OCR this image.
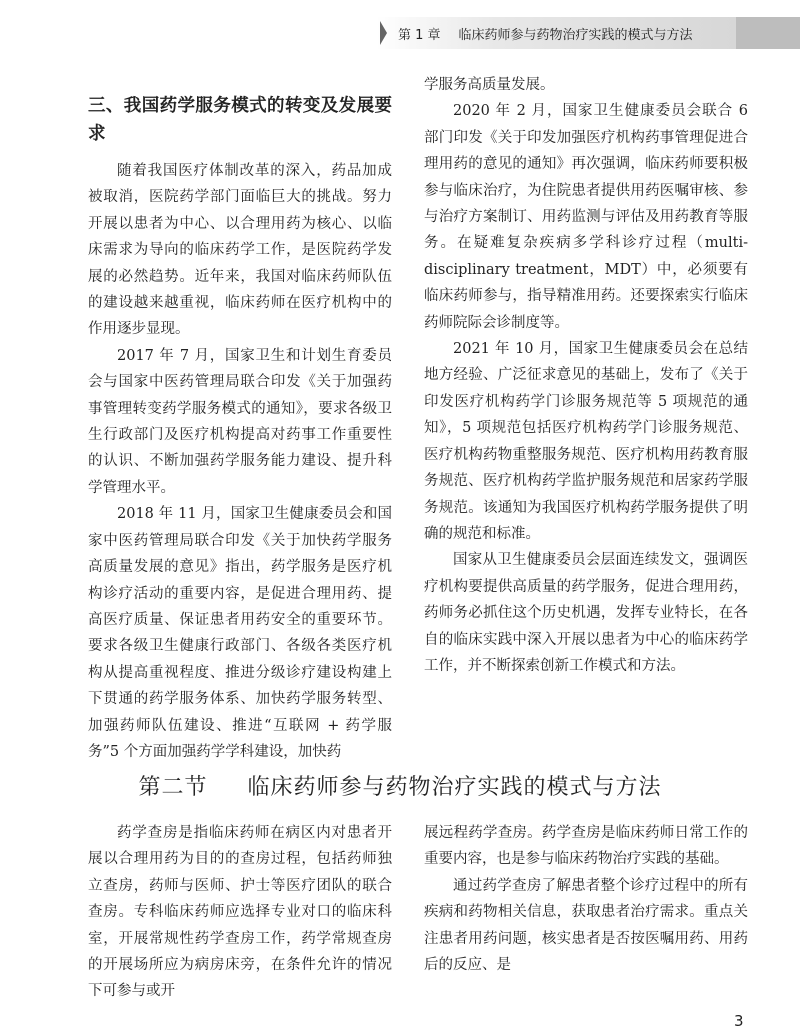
第 1 章 临床药师参与药物治疗实践的模式与方法
三、我国药学服务模式的转变及发展要求

随着我国医疗体制改革的深入，药品加成被取消，医院药学部门面临巨大的挑战。努力开展以患者为中心、以合理用药为核心、以临床需求为导向的临床药学工作，是医院药学发展的必然趋势。近年来，我国对临床药师队伍的建设越来越重视，临床药师在医疗机构中的作用逐步显现。

2017 年 7 月，国家卫生和计划生育委员会与国家中医药管理局联合印发《关于加强药事管理转变药学服务模式的通知》，要求各级卫生行政部门及医疗机构提高对药事工作重要性的认识、不断加强药学服务能力建设、提升科学管理水平。

2018 年 11 月，国家卫生健康委员会和国家中医药管理局联合印发《关于加快药学服务高质量发展的意见》指出，药学服务是医疗机构诊疗活动的重要内容，是促进合理用药、提高医疗质量、保证患者用药安全的重要环节。要求各级卫生健康行政部门、各级各类医疗机构从提高重视程度、推进分级诊疗建设构建上下贯通的药学服务体系、加快药学服务转型、加强药师队伍建设、推进“互联网 + 药学服务”5 个方面加强药学学科建设，加快药

学服务高质量发展。

2020 年 2 月，国家卫生健康委员会联合 6 部门印发《关于印发加强医疗机构药事管理促进合理用药的意见的通知》再次强调，临床药师要积极参与临床治疗，为住院患者提供用药医嘱审核、参与治疗方案制订、用药监测与评估及用药教育等服务。在疑难复杂疾病多学科诊疗过程（multi-disciplinary treatment，MDT）中，必须要有临床药师参与，指导精准用药。还要探索实行临床药师院际会诊制度等。

2021 年 10 月，国家卫生健康委员会在总结地方经验、广泛征求意见的基础上，发布了《关于印发医疗机构药学门诊服务规范等 5 项规范的通知》，5 项规范包括医疗机构药学门诊服务规范、医疗机构药物重整服务规范、医疗机构用药教育服务规范、医疗机构药学监护服务规范和居家药学服务规范。该通知为我国医疗机构药学服务提供了明确的规范和标准。

国家从卫生健康委员会层面连续发文，强调医疗机构要提供高质量的药学服务，促进合理用药，药师务必抓住这个历史机遇，发挥专业特长，在各自的临床实践中深入开展以患者为中心的临床药学工作，并不断探索创新工作模式和方法。

第二节 临床药师参与药物治疗实践的模式与方法

药学查房是指临床药师在病区内对患者开展以合理用药为目的的查房过程，包括药师独立查房，药师与医师、护士等医疗团队的联合查房。专科临床药师应选择专业对口的临床科室，开展常规性药学查房工作，药学常规查房的开展场所应为病房床旁，在条件允许的情况下可参与或开

展远程药学查房。药学查房是临床药师日常工作的重要内容，也是参与临床药物治疗实践的基础。

通过药学查房了解患者整个诊疗过程中的所有疾病和药物相关信息，获取患者治疗需求。重点关注患者用药问题，核实患者是否按医嘱用药、用药后的反应、是

3
